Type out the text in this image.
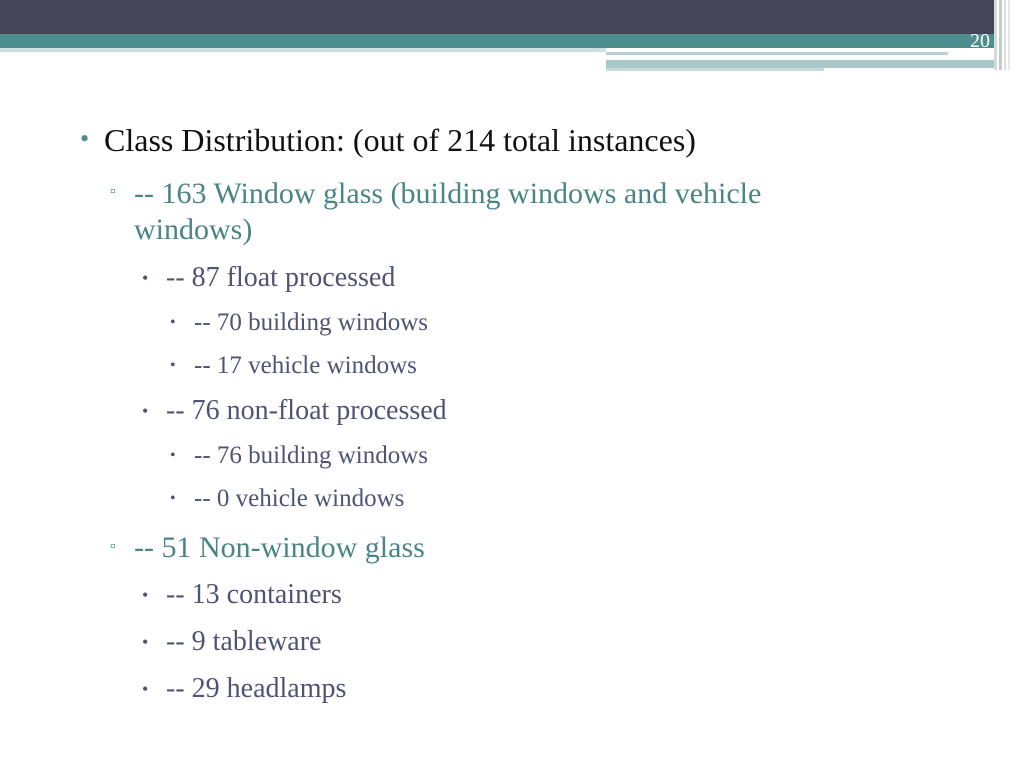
20
• Class Distribution: (out of 214 total instances)
▫ -- 163 Window glass (building windows and vehicle
windows)
• -- 87 float processed
• -- 70 building windows
• -- 17 vehicle windows
• -- 76 non-float processed
• -- 76 building windows
• -- 0 vehicle windows
▫ -- 51 Non-window glass
• -- 13 containers
• -- 9 tableware
• -- 29 headlamps
